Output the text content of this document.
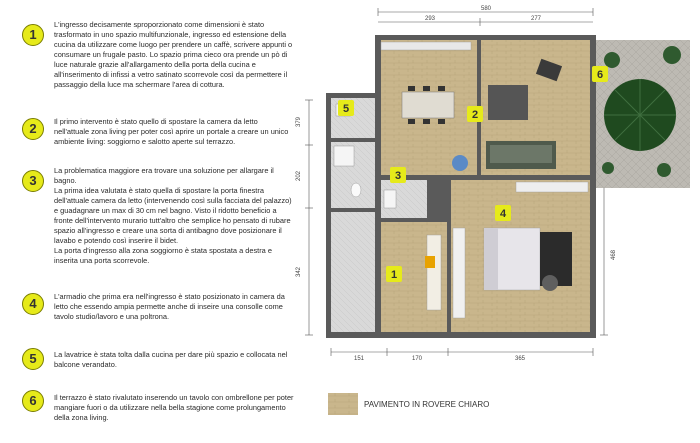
1

L'ingresso decisamente sproporzionato come dimensioni è stato trasformato in uno spazio multifunzionale, ingresso ed estensione della cucina da utilizzare come luogo per prendere un caffè, scrivere appunti o consumare un frugale pasto. Lo spazio prima cieco ora prende un pò di luce naturale grazie all'allargamento della porta della cucina e all'inserimento di infissi a vetro satinato scorrevole così da permettere il passaggio della luce ma schermare l'area di cottura.

2	Il primo intervento è stato quello di spostare la camera da letto nell'attuale zona living per poter così aprire un portale a creare un unico ambiente living: soggiorno e salotto aperte sul terrazzo.

3

La problematica maggiore era trovare una soluzione per allargare il bagno.

La prima idea valutata è stato quella di spostare la porta finestra dell'attuale camera da letto (intervenendo così sulla facciata del palazzo) e guadagnare un max di 30 cm nel bagno. Visto il ridotto beneficio a fronte dell'intervento murario tutt'altro che semplice ho pensato di rubare spazio all'ingresso e creare una sorta di antibagno dove posizionare il lavabo e potendo così inserire il bidet.

La porta d'ingresso alla zona soggiorno è stata spostata a destra e inserita una porta scorrevole.

4	L'armadio che prima era nell'ingresso è stato posizionato in camera da letto che essendo ampia permette anche di inseire una consolle come tavolo studio/lavoro e una poltrona.

5	La lavatrice è stata tolta dalla cucina per dare più spazio e collocata nel balcone verandato.

6	Il terrazzo è stato rivalutato inserendo un tavolo con ombrellone per poter mangiare fuori o da utilizzare nella bella stagione come prolungamento della zona living.

580
293	277
379
202
342
468
151	170	365
1
2
3
4
5
6
PAVIMENTO IN ROVERE CHIARO
